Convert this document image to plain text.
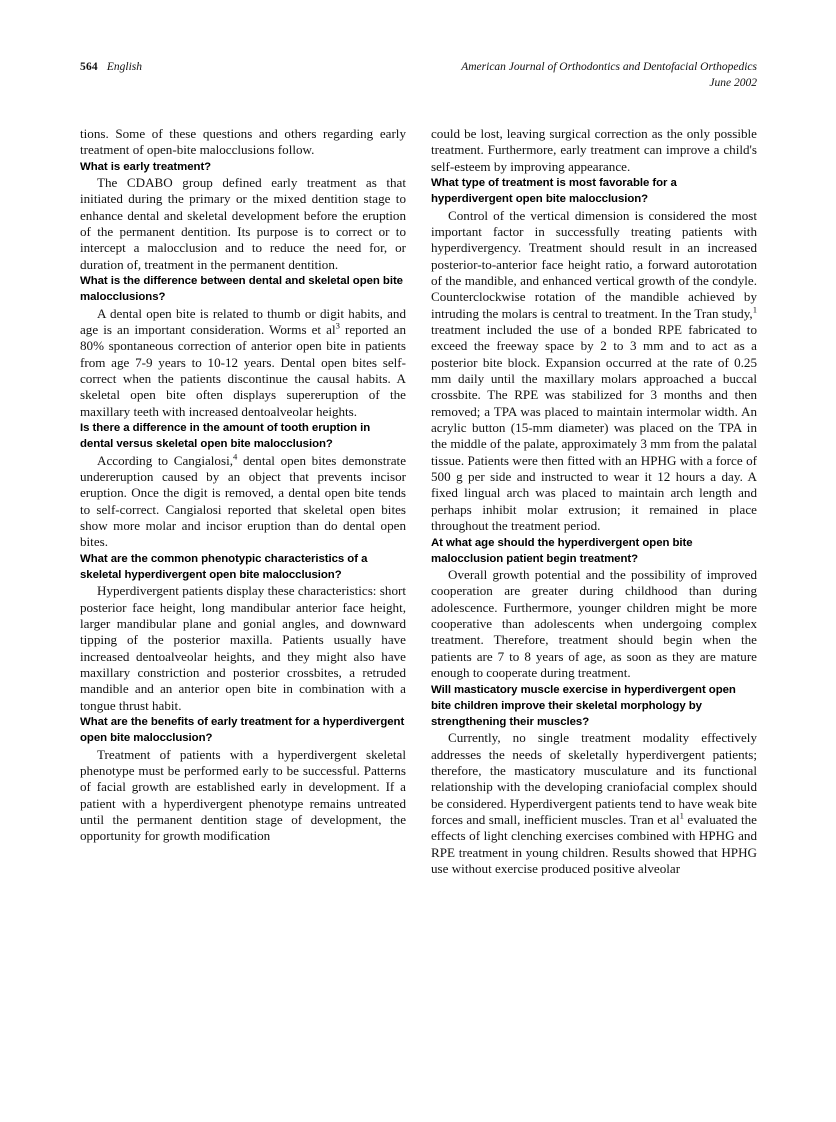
564 English	American Journal of Orthodontics and Dentofacial Orthopedics
June 2002

tions. Some of these questions and others regarding early treatment of open-bite malocclusions follow.

What is early treatment?

The CDABO group defined early treatment as that initiated during the primary or the mixed dentition stage to enhance dental and skeletal development before the eruption of the permanent dentition. Its purpose is to correct or to intercept a malocclusion and to reduce the need for, or duration of, treatment in the permanent dentition.

What is the difference between dental and skeletal open bite malocclusions?

A dental open bite is related to thumb or digit habits, and age is an important consideration. Worms et $al^3$ reported an 80% spontaneous correction of anterior open bite in patients from age 7-9 years to 10-12 years. Dental open bites self-correct when the patients discontinue the causal habits. A skeletal open bite often displays supereruption of the maxillary teeth with increased dentoalveolar heights.

Is there a difference in the amount of tooth eruption in dental versus skeletal open bite malocclusion?

According to Cangialosi,$^4$ dental open bites demonstrate undereruption caused by an object that prevents incisor eruption. Once the digit is removed, a dental open bite tends to self-correct. Cangialosi reported that skeletal open bites show more molar and incisor eruption than do dental open bites.

What are the common phenotypic characteristics of a skeletal hyperdivergent open bite malocclusion?

Hyperdivergent patients display these characteristics: short posterior face height, long mandibular anterior face height, larger mandibular plane and gonial angles, and downward tipping of the posterior maxilla. Patients usually have increased dentoalveolar heights, and they might also have maxillary constriction and posterior crossbites, a retruded mandible and an anterior open bite in combination with a tongue thrust habit.

What are the benefits of early treatment for a hyperdivergent open bite malocclusion?

Treatment of patients with a hyperdivergent skeletal phenotype must be performed early to be successful. Patterns of facial growth are established early in development. If a patient with a hyperdivergent phenotype remains untreated until the permanent dentition stage of development, the opportunity for growth modification

could be lost, leaving surgical correction as the only possible treatment. Furthermore, early treatment can improve a child's self-esteem by improving appearance.

What type of treatment is most favorable for a hyperdivergent open bite malocclusion?

Control of the vertical dimension is considered the most important factor in successfully treating patients with hyperdivergency. Treatment should result in an increased posterior-to-anterior face height ratio, a forward autorotation of the mandible, and enhanced vertical growth of the condyle. Counterclockwise rotation of the mandible achieved by intruding the molars is central to treatment. In the Tran study,$^1$ treatment included the use of a bonded RPE fabricated to exceed the freeway space by 2 to 3 mm and to act as a posterior bite block. Expansion occurred at the rate of 0.25 mm daily until the maxillary molars approached a buccal crossbite. The RPE was stabilized for 3 months and then removed; a TPA was placed to maintain intermolar width. An acrylic button (15-mm diameter) was placed on the TPA in the middle of the palate, approximately 3 mm from the palatal tissue. Patients were then fitted with an HPHG with a force of 500 g per side and instructed to wear it 12 hours a day. A fixed lingual arch was placed to maintain arch length and perhaps inhibit molar extrusion; it remained in place throughout the treatment period.

At what age should the hyperdivergent open bite malocclusion patient begin treatment?

Overall growth potential and the possibility of improved cooperation are greater during childhood than during adolescence. Furthermore, younger children might be more cooperative than adolescents when undergoing complex treatment. Therefore, treatment should begin when the patients are 7 to 8 years of age, as soon as they are mature enough to cooperate during treatment.

Will masticatory muscle exercise in hyperdivergent open bite children improve their skeletal morphology by strengthening their muscles?

Currently, no single treatment modality effectively addresses the needs of skeletally hyperdivergent patients; therefore, the masticatory musculature and its functional relationship with the developing craniofacial complex should be considered. Hyperdivergent patients tend to have weak bite forces and small, inefficient muscles. Tran et $al^1$ evaluated the effects of light clenching exercises combined with HPHG and RPE treatment in young children. Results showed that HPHG use without exercise produced positive alveolar
